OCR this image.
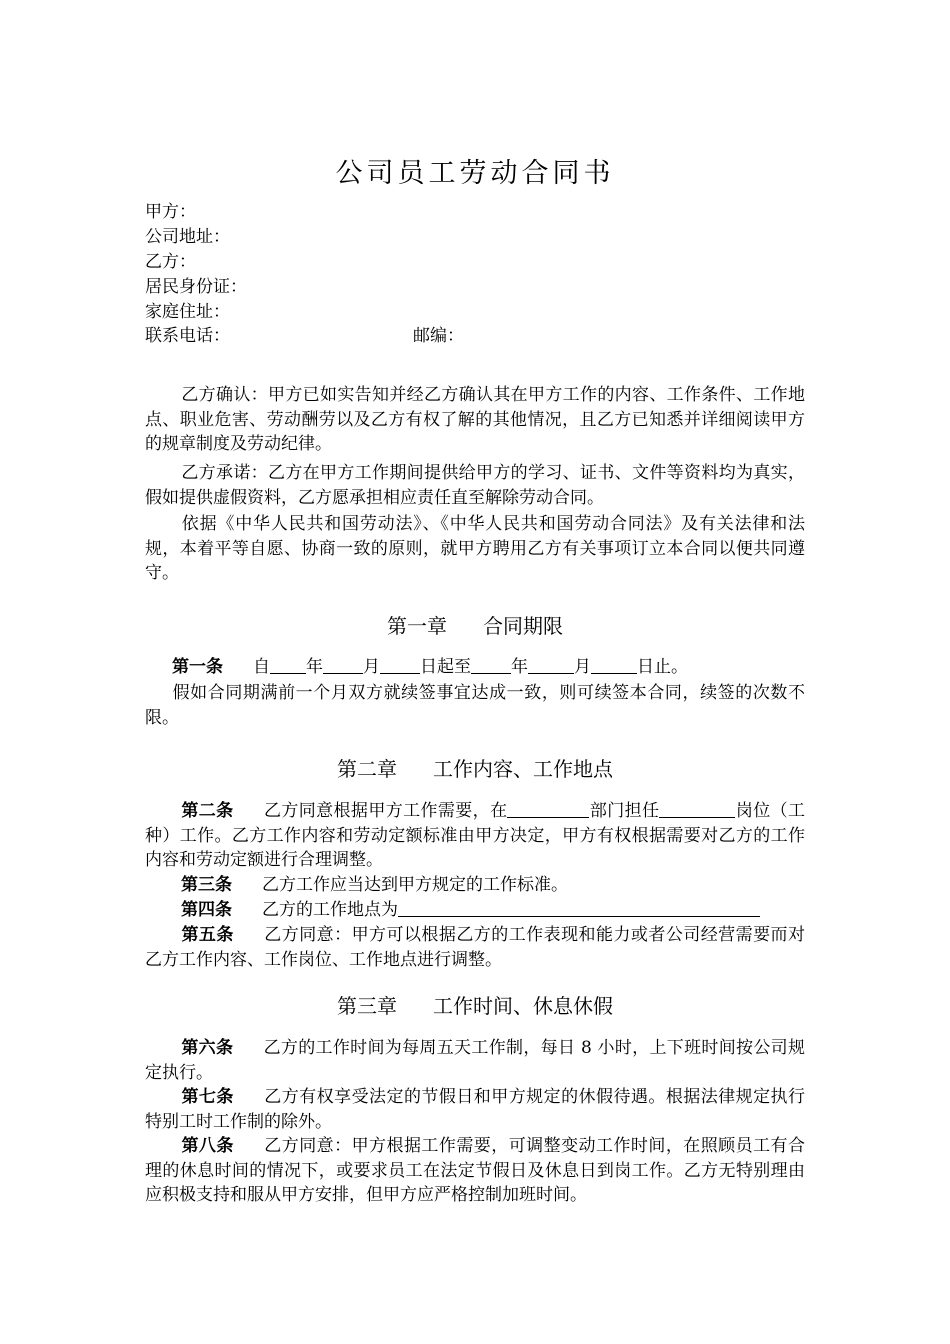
公司员工劳动合同书
甲方：
公司地址：
乙方：
居民身份证：
家庭住址：
联系电话：	邮编：
乙方确认：甲方已如实告知并经乙方确认其在甲方工作的内容、工作条件、工作地点、职业危害、劳动酬劳以及乙方有权了解的其他情况，且乙方已知悉并详细阅读甲方的规章制度及劳动纪律。
乙方承诺：乙方在甲方工作期间提供给甲方的学习、证书、文件等资料均为真实，假如提供虚假资料，乙方愿承担相应责任直至解除劳动合同。
依据《中华人民共和国劳动法》、《中华人民共和国劳动合同法》及有关法律和法规，本着平等自愿、协商一致的原则，就甲方聘用乙方有关事项订立本合同以便共同遵守。
第一章 合同期限
第一条 自 年 月 日起至 年	月	日止。
假如合同期满前一个月双方就续签事宜达成一致，则可续签本合同，续签的次数不限。
第二章 工作内容、工作地点
第二条 乙方同意根据甲方工作需要，在	部门担任	岗位（工种）工作。乙方工作内容和劳动定额标准由甲方决定，甲方有权根据需要对乙方的工作内容和劳动定额进行合理调整。
第三条 乙方工作应当达到甲方规定的工作标准。
第四条 乙方的工作地点为
第五条 乙方同意：甲方可以根据乙方的工作表现和能力或者公司经营需要而对乙方工作内容、工作岗位、工作地点进行调整。
第三章 工作时间、休息休假
第六条 乙方的工作时间为每周五天工作制，每日 8 小时，上下班时间按公司规定执行。
第七条 乙方有权享受法定的节假日和甲方规定的休假待遇。根据法律规定执行特别工时工作制的除外。
第八条 乙方同意：甲方根据工作需要，可调整变动工作时间，在照顾员工有合理的休息时间的情况下，或要求员工在法定节假日及休息日到岗工作。乙方无特别理由应积极支持和服从甲方安排，但甲方应严格控制加班时间。
